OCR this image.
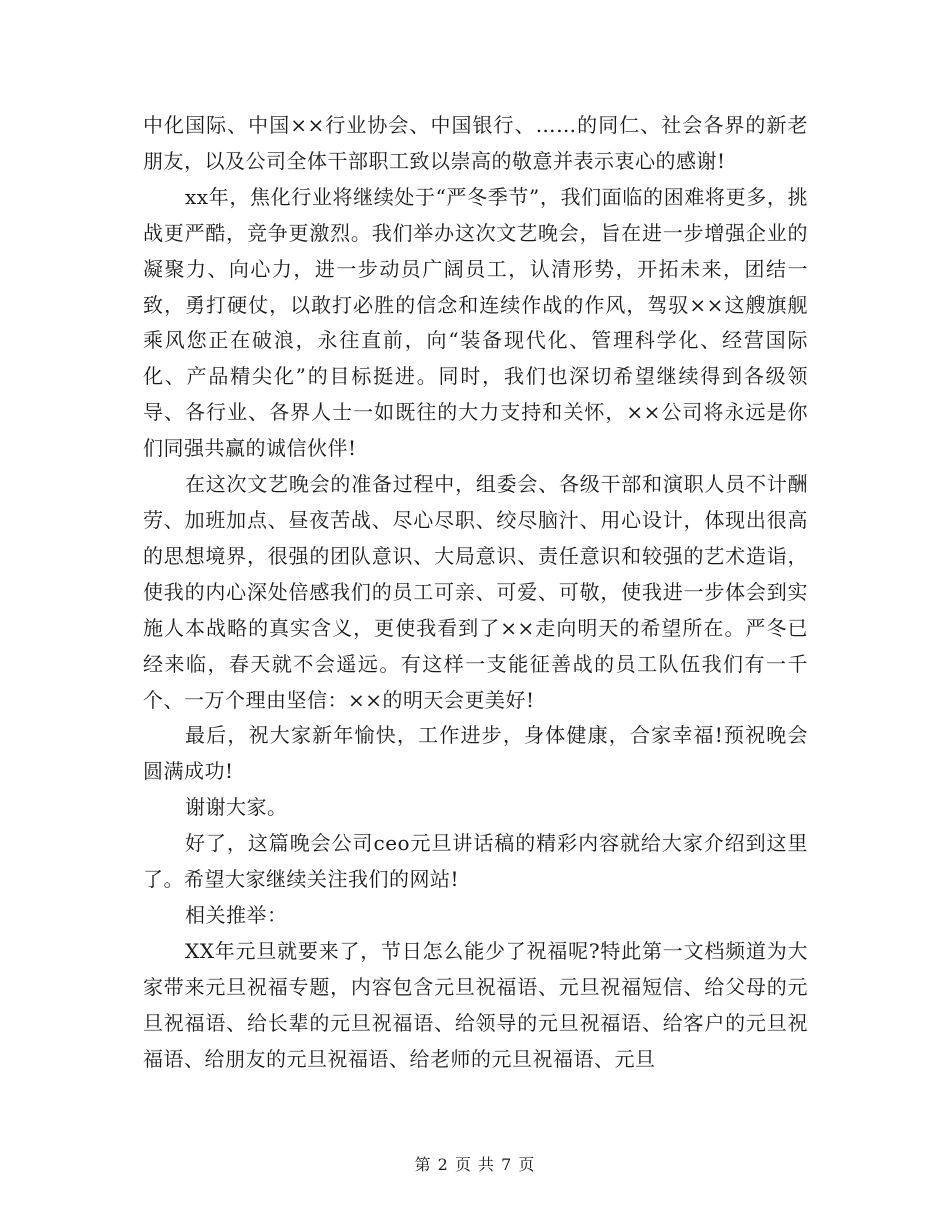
中化国际、中国××行业协会、中国银行、……的同仁、社会各界的新老朋友，以及公司全体干部职工致以崇高的敬意并表示衷心的感谢!

xx年，焦化行业将继续处于“严冬季节”，我们面临的困难将更多，挑战更严酷，竞争更激烈。我们举办这次文艺晚会，旨在进一步增强企业的凝聚力、向心力，进一步动员广阔员工，认清形势，开拓未来，团结一致，勇打硬仗，以敢打必胜的信念和连续作战的作风，驾驭××这艘旗舰乘风您正在破浪，永往直前，向“装备现代化、管理科学化、经营国际化、产品精尖化”的目标挺进。同时，我们也深切希望继续得到各级领导、各行业、各界人士一如既往的大力支持和关怀，××公司将永远是你们同强共赢的诚信伙伴!

在这次文艺晚会的准备过程中，组委会、各级干部和演职人员不计酬劳、加班加点、昼夜苦战、尽心尽职、绞尽脑汁、用心设计，体现出很高的思想境界，很强的团队意识、大局意识、责任意识和较强的艺术造诣，使我的内心深处倍感我们的员工可亲、可爱、可敬，使我进一步体会到实施人本战略的真实含义，更使我看到了××走向明天的希望所在。严冬已经来临，春天就不会遥远。有这样一支能征善战的员工队伍我们有一千个、一万个理由坚信：××的明天会更美好!

最后，祝大家新年愉快，工作进步，身体健康，合家幸福!预祝晚会圆满成功!

谢谢大家。

好了，这篇晚会公司ceo元旦讲话稿的精彩内容就给大家介绍到这里了。希望大家继续关注我们的网站!

相关推举：

XX年元旦就要来了，节日怎么能少了祝福呢?特此第一文档频道为大家带来元旦祝福专题，内容包含元旦祝福语、元旦祝福短信、给父母的元旦祝福语、给长辈的元旦祝福语、给领导的元旦祝福语、给客户的元旦祝福语、给朋友的元旦祝福语、给老师的元旦祝福语、元旦

第 2 页 共 7 页
